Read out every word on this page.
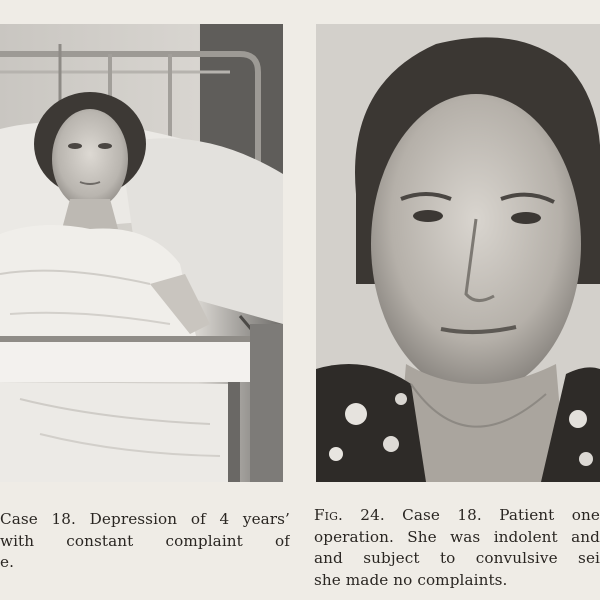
Case 18. Depression of 4 years’
with constant complaint of
e.
Fig. 24. Case 18. Patient one
operation. She was indolent and
and subject to convulsive sei
she made no complaints.
